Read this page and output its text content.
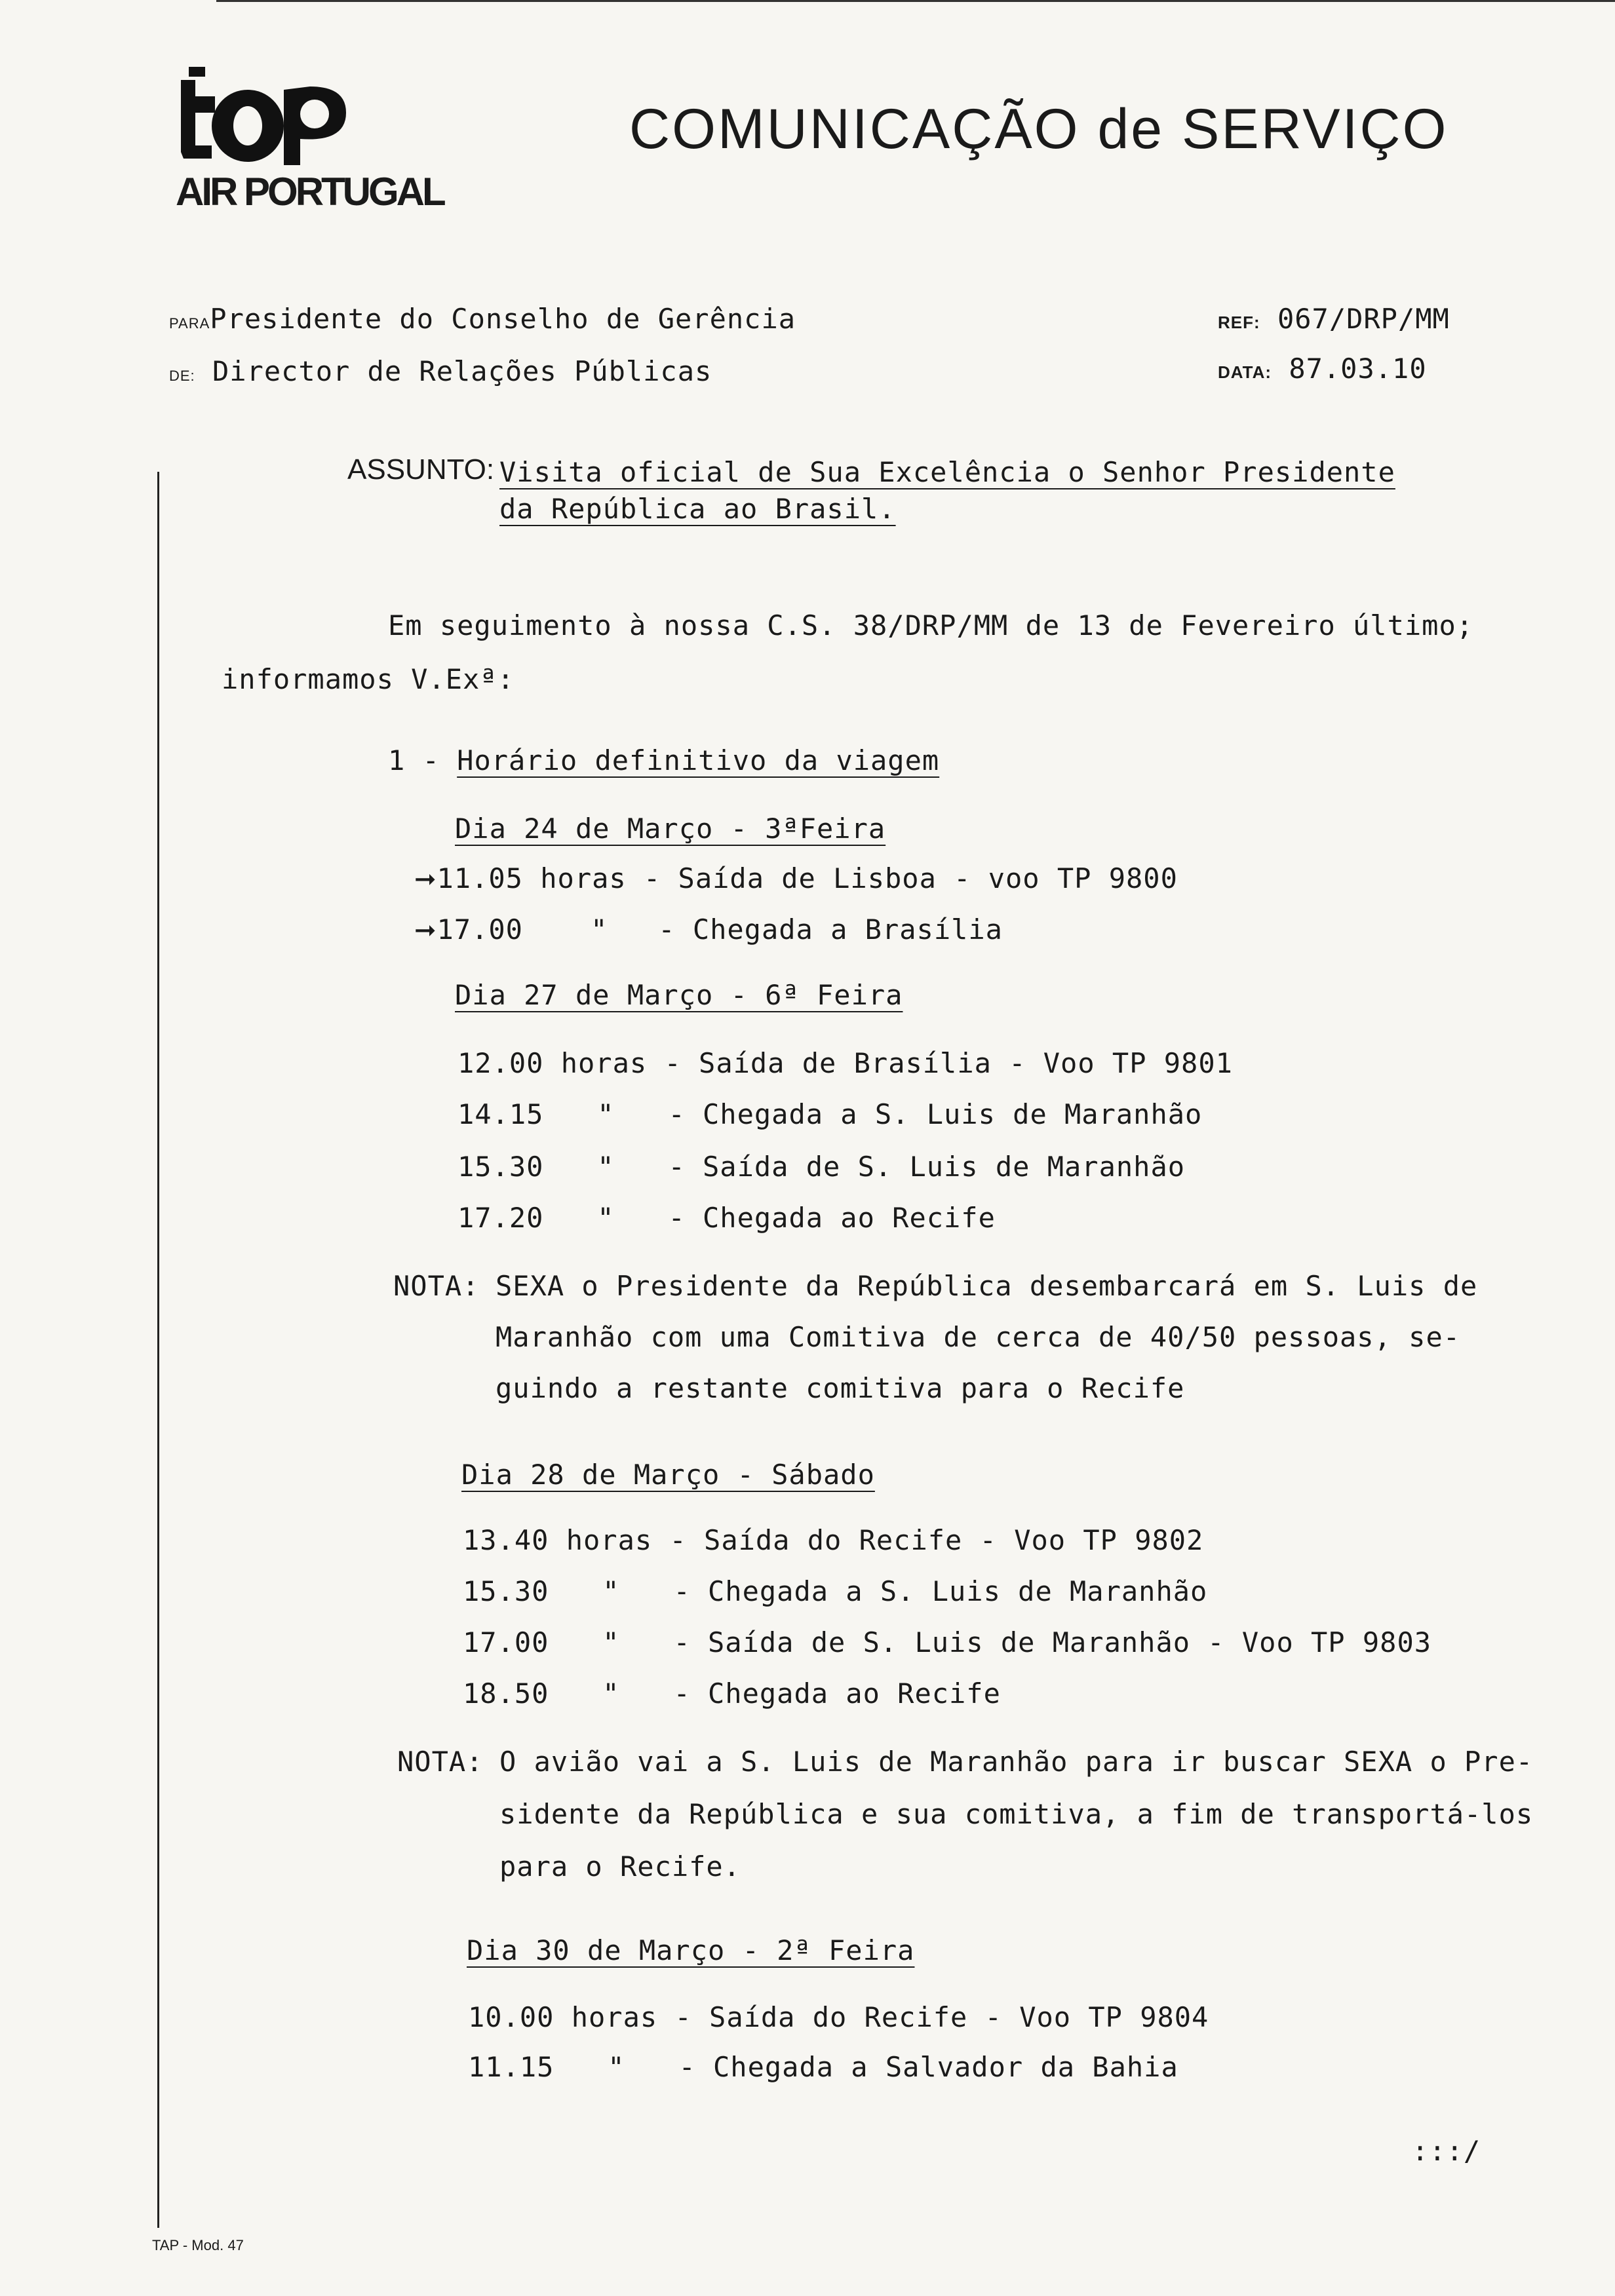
AIR PORTUGAL
COMUNICAÇÃO de SERVIÇO
PARAPresidente do Conselho de Gerência
DE: Director de Relações Públicas
REF: 067/DRP/MM
DATA: 87.03.10
ASSUNTO: Visita oficial de Sua Excelência o Senhor Presidente
da República ao Brasil.
Em seguimento à nossa C.S. 38/DRP/MM de 13 de Fevereiro último;
informamos V.Exª:
1 - Horário definitivo da viagem
Dia 24 de Março - 3ªFeira
➞11.05 horas - Saída de Lisboa - voo TP 9800
➞17.00 " - Chegada a Brasília
Dia 27 de Março - 6ª Feira
12.00 horas - Saída de Brasília - Voo TP 9801
14.15 " - Chegada a S. Luis de Maranhão
15.30 " - Saída de S. Luis de Maranhão
17.20 " - Chegada ao Recife
NOTA: SEXA o Presidente da República desembarcará em S. Luis de
Maranhão com uma Comitiva de cerca de 40/50 pessoas, se-
guindo a restante comitiva para o Recife
Dia 28 de Março - Sábado
13.40 horas - Saída do Recife - Voo TP 9802
15.30 " - Chegada a S. Luis de Maranhão
17.00 " - Saída de S. Luis de Maranhão - Voo TP 9803
18.50 " - Chegada ao Recife
NOTA: O avião vai a S. Luis de Maranhão para ir buscar SEXA o Pre-
sidente da República e sua comitiva, a fim de transportá-los
para o Recife.
Dia 30 de Março - 2ª Feira
10.00 horas - Saída do Recife - Voo TP 9804
11.15 " - Chegada a Salvador da Bahia
:::/
TAP - Mod. 47
